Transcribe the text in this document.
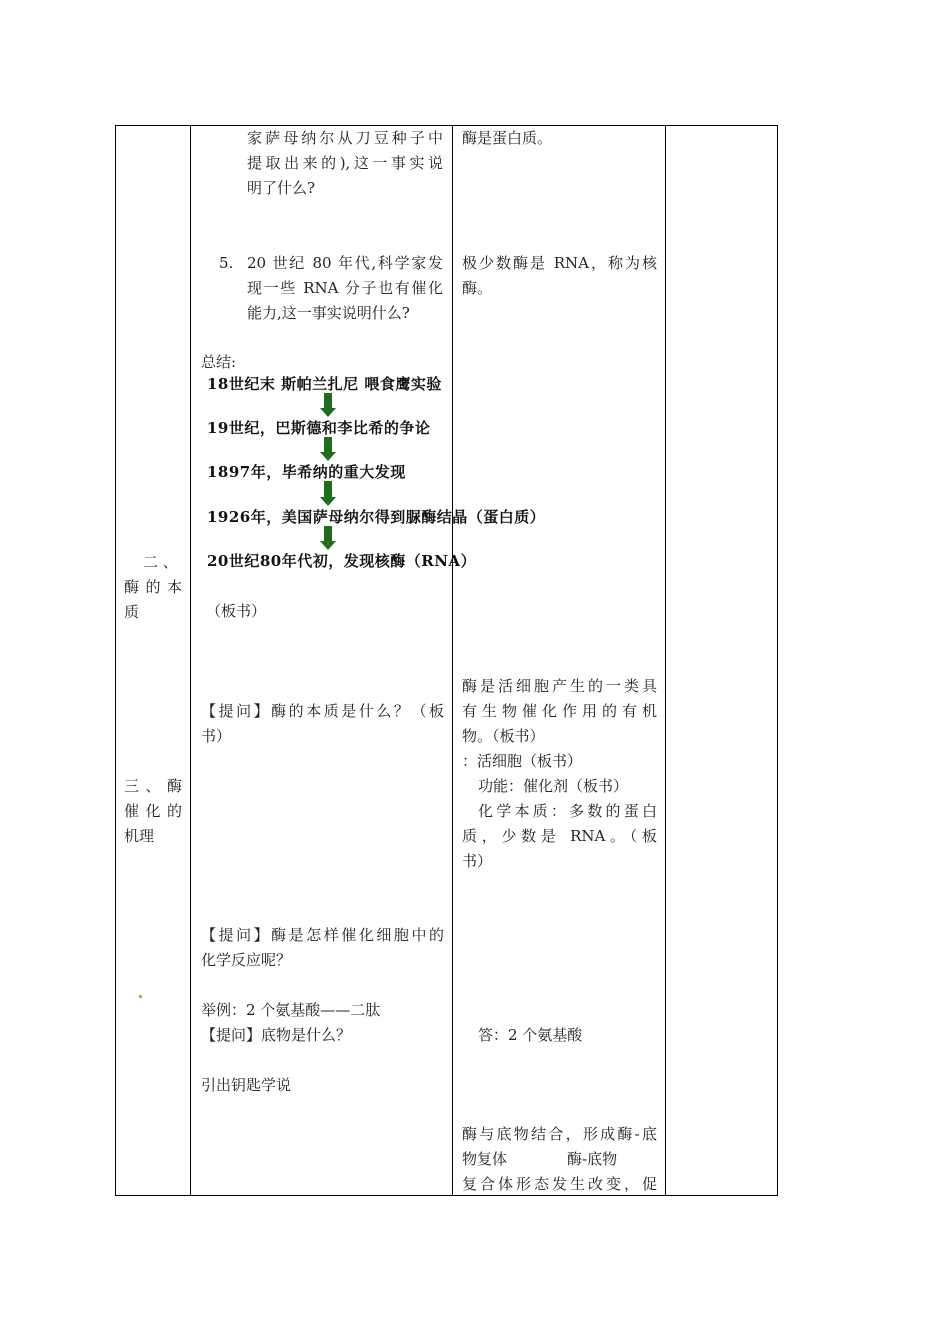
家萨母纳尔从刀豆种子中
提取出来的),这一事实说
明了什么?
5. 20 世纪 80 年代,科学家发
现一些 RNA 分子也有催化
能力,这一事实说明什么?
总结:
18世纪末 斯帕兰扎尼 喂食鹰实验
19世纪，巴斯德和李比希的争论
1897年，毕希纳的重大发现
1926年，美国萨母纳尔得到脲酶结晶（蛋白质）
20世纪80年代初，发现核酶（RNA）
（板书）
【提问】酶的本质是什么？（板
书）
【提问】酶是怎样催化细胞中的
化学反应呢？
举例：2 个氨基酸——二肽
【提问】底物是什么？
引出钥匙学说
二 、
酶 的 本
质
三 、 酶
催 化 的
机理
酶是蛋白质。
极少数酶是 RNA，称为核
酶。
酶是活细胞产生的一类具
有生物催化作用的有机
物。（板书）
：活细胞（板书）
功能：催化剂（板书）
化学本质：多数的蛋白
质，少数是 RNA。（板
书）
答：2 个氨基酸
酶与底物结合，形成酶-底
物复体　　　　酶-底物
复合体形态发生改变，促
